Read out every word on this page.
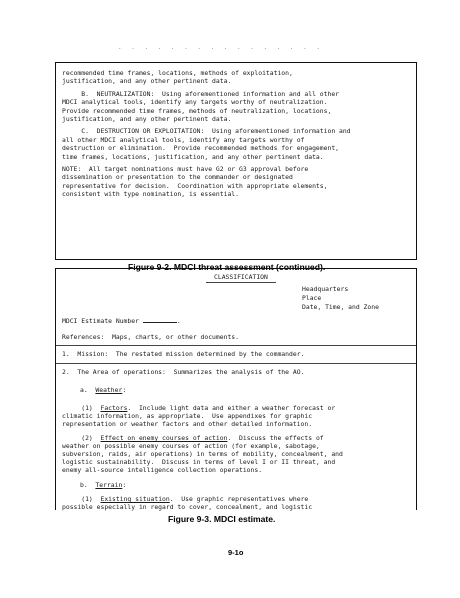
. . . . . . . . . . . . . . . .
recommended time frames, locations, methods of exploitation,
justification, and any other pertinent data.

B.  NEUTRALIZATION:  Using aforementioned information and all other
MDCI analytical tools, identify any targets worthy of neutralization.
Provide recommended time frames, methods of neutralization, locations,
justification, and any other pertinent data.

C.  DESTRUCTION OR EXPLOITATION:  Using aforementioned information and
all other MDCI analytical tools, identify any targets worthy of
destruction or elimination.  Provide recommended methods for engagement,
time frames, locations, justification, and any other pertinent data.

NOTE:  All target nominations must have G2 or G3 approval before
dissemination or presentation to the commander or designated
representative for decision.  Coordination with appropriate elements,
consistent with type nomination, is essential.
Figure 9-2. MDCI threat assessment (continued).
CLASSIFICATION
Headquarters
Place
Date, Time, and Zone
MDCI Estimate Number	.
References:  Maps, charts, or other documents.
1.  Mission:  The restated mission determined by the commander.
2.  The Area of operations:  Summarizes the analysis of the AO.
a.  Weather:
(1)  Factors.  Include light data and either a weather forecast or
climatic information, as appropriate.  Use appendixes for graphic
representation or weather factors and other detailed information.
(2)  Effect on enemy courses of action.  Discuss the effects of
weather on possible enemy courses of action (for example, sabotage,
subversion, raids, air operations) in terms of mobility, concealment, and
logistic sustainability.  Discuss in terms of level I or II threat, and
enemy all-source intelligence collection operations.
b.  Terrain:
(1)  Existing situation.  Use graphic representatives where
possible especially in regard to cover, concealment, and logistic
Figure 9-3. MDCI estimate.
9-1o
